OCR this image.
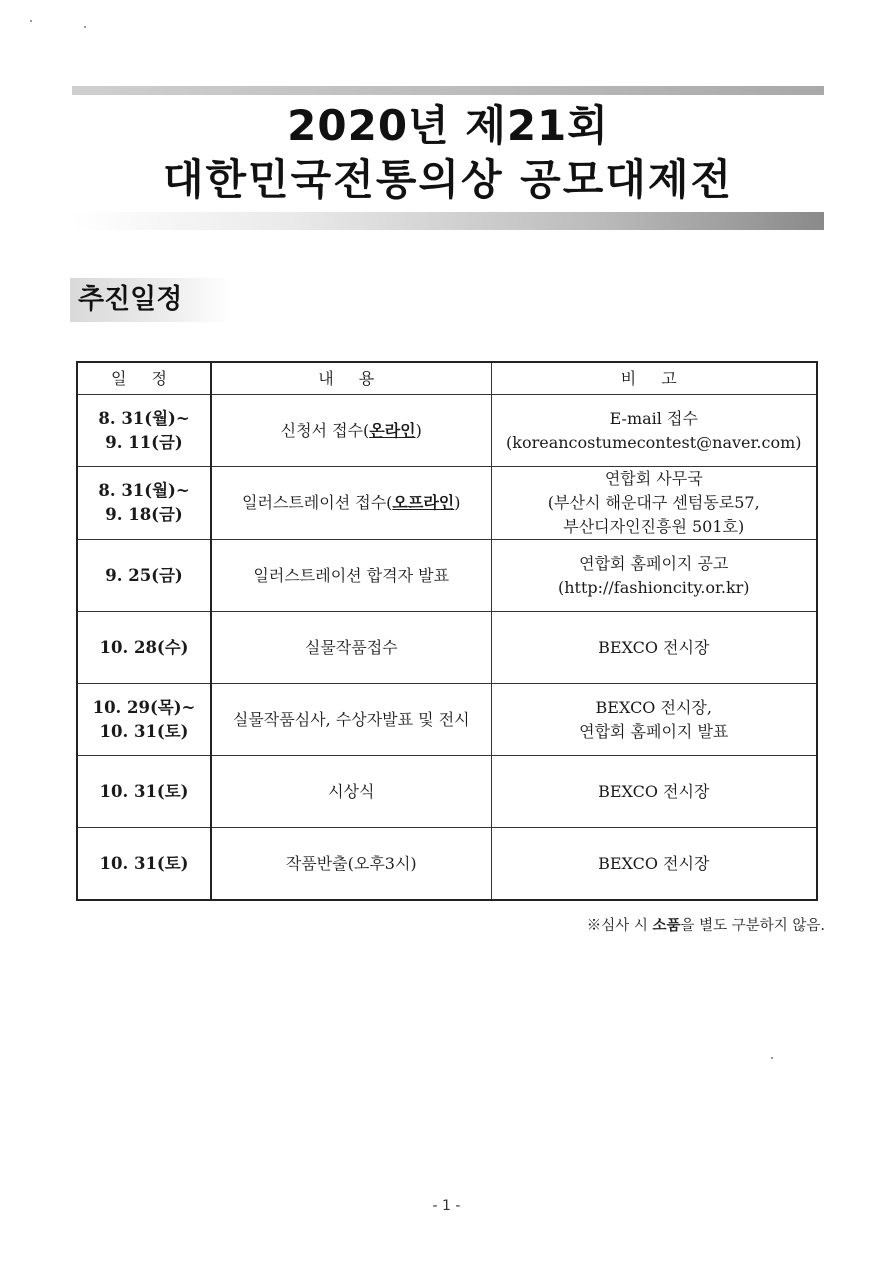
2020년 제21회
대한민국전통의상 공모대제전
추진일정
일 정	내 용	비 고

8. 31(월)~
9. 11(금)	신청서 접수(온라인)	E-mail 접수
(koreancostumecontest@naver.com)

8. 31(월)~
9. 18(금)	일러스트레이션 접수(오프라인)	연합회 사무국
(부산시 해운대구 센텀동로57,
부산디자인진흥원 501호)

9. 25(금)	일러스트레이션 합격자 발표	연합회 홈페이지 공고
(http://fashioncity.or.kr)

10. 28(수)	실물작품접수	BEXCO 전시장

10. 29(목)~
10. 31(토)	실물작품심사, 수상자발표 및 전시	BEXCO 전시장,
연합회 홈페이지 발표

10. 31(토)	시상식	BEXCO 전시장

10. 31(토)	작품반출(오후3시)	BEXCO 전시장
※심사 시 소품을 별도 구분하지 않음.
- 1 -
